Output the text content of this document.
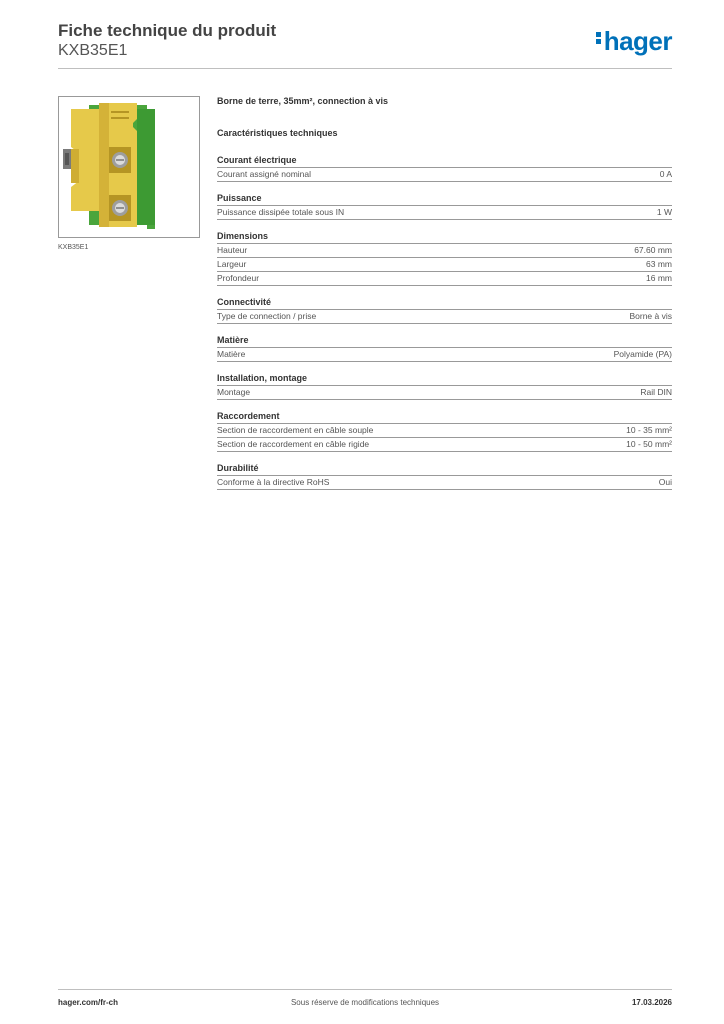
Fiche technique du produit
KXB35E1	hager
KXB35E1
Borne de terre, 35mm², connection à vis
Caractéristiques techniques
Courant électrique
Courant assigné nominal	0 A
Puissance
Puissance dissipée totale sous IN	1 W
Dimensions
Hauteur	67.60 mm
Largeur	63 mm
Profondeur	16 mm
Connectivité
Type de connection / prise	Borne à vis
Matière
Matière	Polyamide (PA)
Installation, montage
Montage	Rail DIN
Raccordement
Section de raccordement en câble souple	10 - 35 mm²
Section de raccordement en câble rigide	10 - 50 mm²
Durabilité
Conforme à la directive RoHS	Oui
hager.com/fr-ch	Sous réserve de modifications techniques	17.03.2026
